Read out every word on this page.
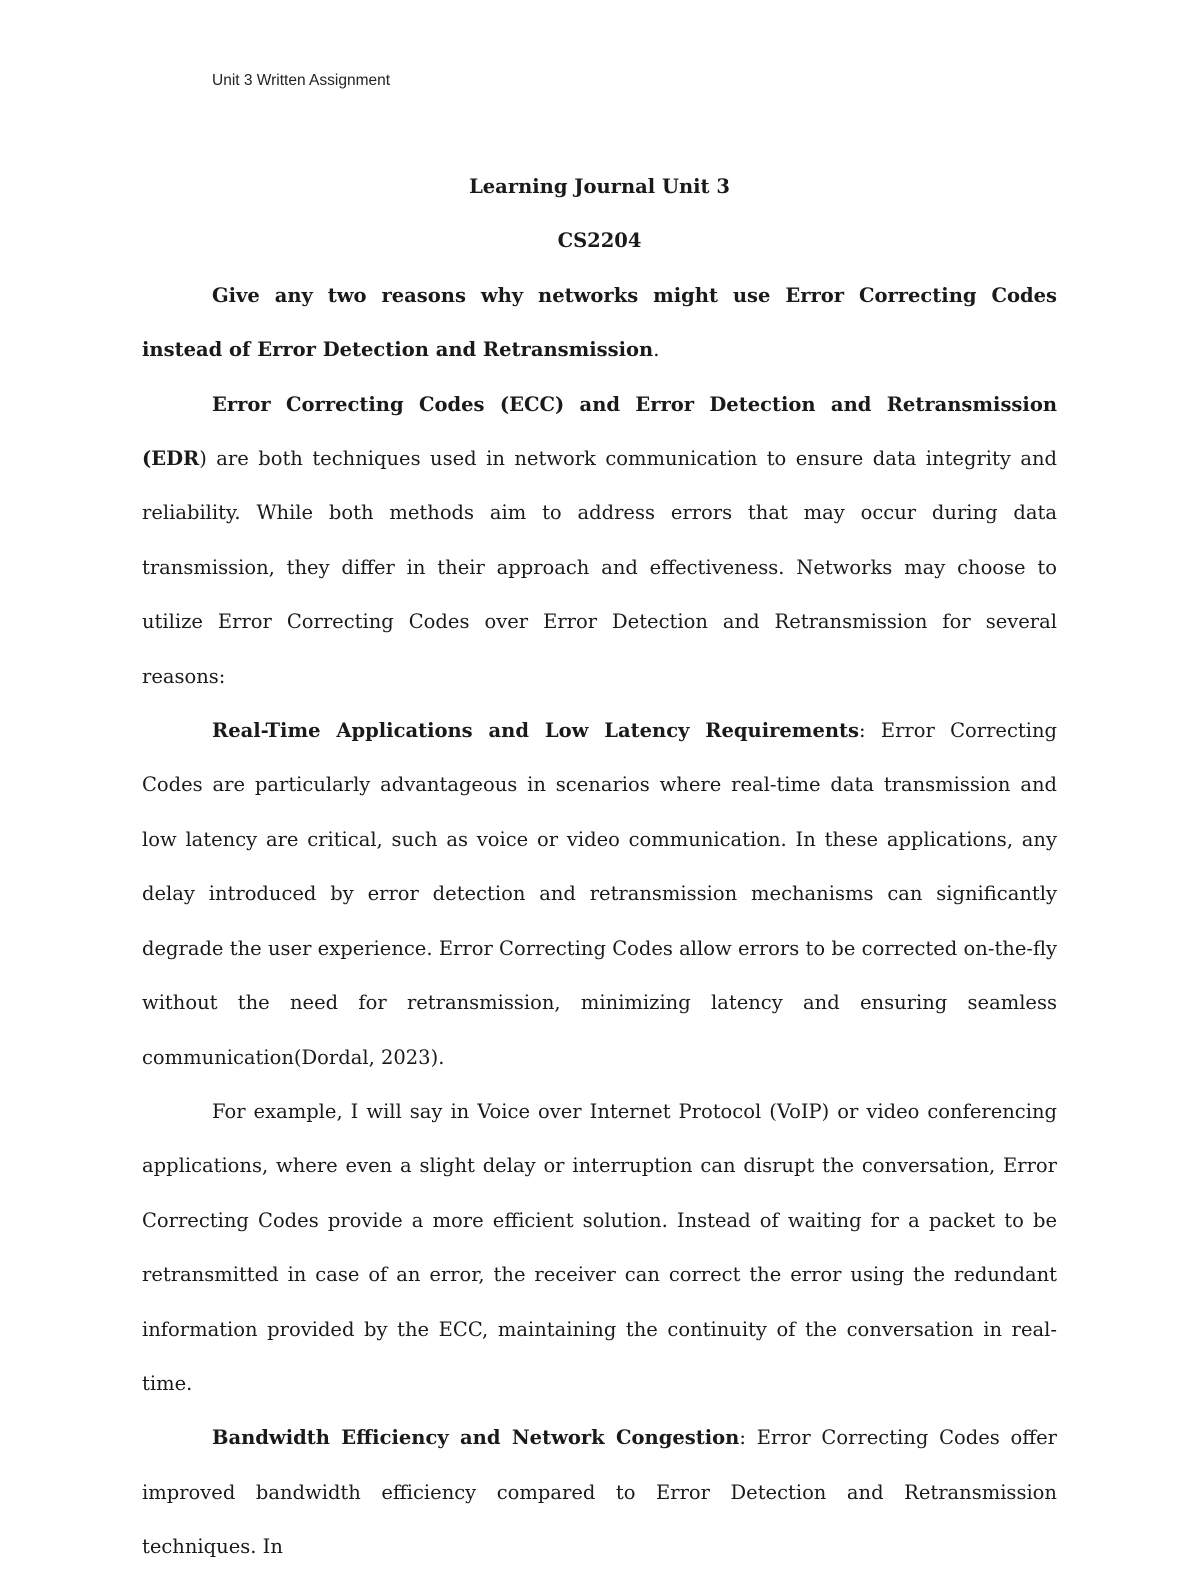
Unit 3 Written Assignment

Learning Journal Unit 3

CS2204

Give any two reasons why networks might use Error Correcting Codes instead of Error Detection and Retransmission.

Error Correcting Codes (ECC) and Error Detection and Retransmission (EDR) are both techniques used in network communication to ensure data integrity and reliability. While both methods aim to address errors that may occur during data transmission, they differ in their approach and effectiveness. Networks may choose to utilize Error Correcting Codes over Error Detection and Retransmission for several reasons:

Real-Time Applications and Low Latency Requirements: Error Correcting Codes are particularly advantageous in scenarios where real-time data transmission and low latency are critical, such as voice or video communication. In these applications, any delay introduced by error detection and retransmission mechanisms can significantly degrade the user experience. Error Correcting Codes allow errors to be corrected on-the-fly without the need for retransmission, minimizing latency and ensuring seamless communication(Dordal, 2023).

For example, I will say in Voice over Internet Protocol (VoIP) or video conferencing applications, where even a slight delay or interruption can disrupt the conversation, Error Correcting Codes provide a more efficient solution. Instead of waiting for a packet to be retransmitted in case of an error, the receiver can correct the error using the redundant information provided by the ECC, maintaining the continuity of the conversation in real-time.

Bandwidth Efficiency and Network Congestion: Error Correcting Codes offer improved bandwidth efficiency compared to Error Detection and Retransmission techniques. In
